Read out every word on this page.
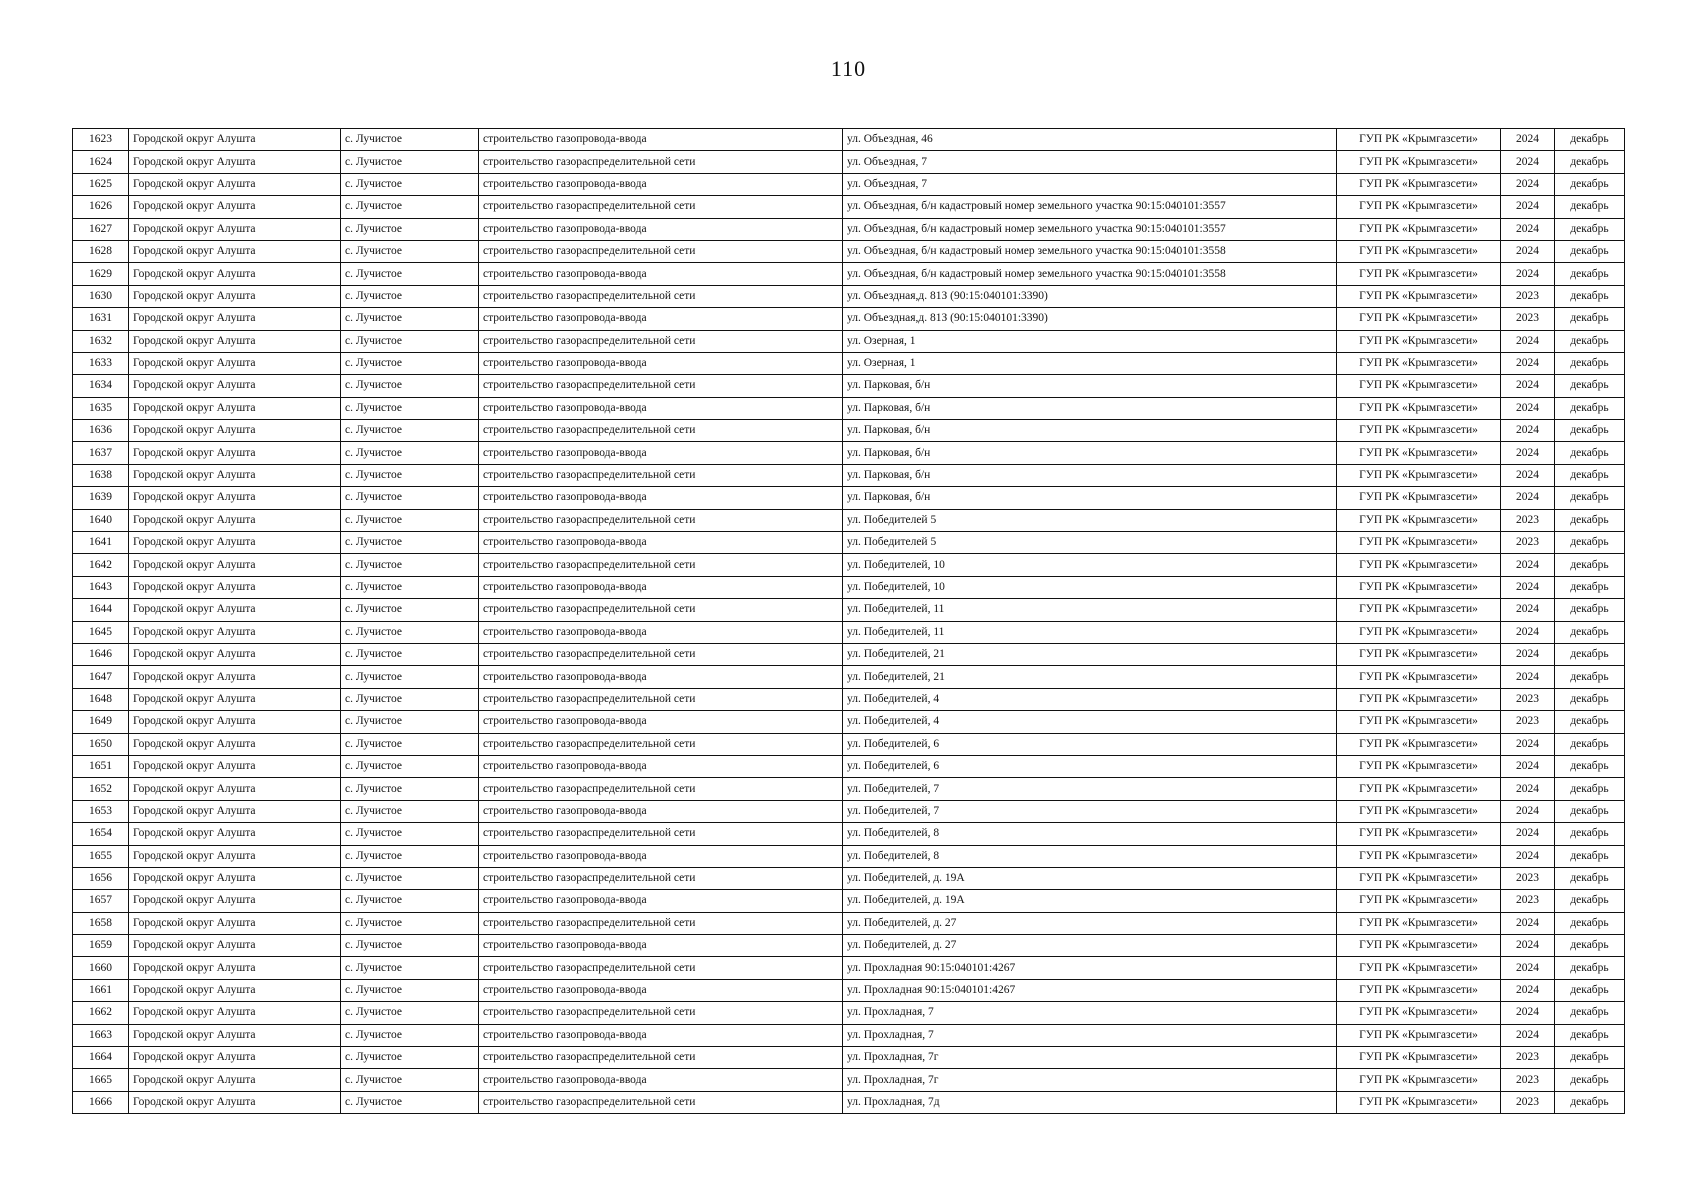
110
1623	Городской округ Алушта	с. Лучистое	строительство газопровода-ввода	ул. Объездная, 46	ГУП РК «Крымгазсети»	2024	декабрь
1624	Городской округ Алушта	с. Лучистое	строительство газораспределительной сети	ул. Объездная, 7	ГУП РК «Крымгазсети»	2024	декабрь
1625	Городской округ Алушта	с. Лучистое	строительство газопровода-ввода	ул. Объездная, 7	ГУП РК «Крымгазсети»	2024	декабрь
1626	Городской округ Алушта	с. Лучистое	строительство газораспределительной сети	ул. Объездная, б/н кадастровый номер земельного участка 90:15:040101:3557	ГУП РК «Крымгазсети»	2024	декабрь
1627	Городской округ Алушта	с. Лучистое	строительство газопровода-ввода	ул. Объездная, б/н кадастровый номер земельного участка 90:15:040101:3557	ГУП РК «Крымгазсети»	2024	декабрь
1628	Городской округ Алушта	с. Лучистое	строительство газораспределительной сети	ул. Объездная, б/н кадастровый номер земельного участка 90:15:040101:3558	ГУП РК «Крымгазсети»	2024	декабрь
1629	Городской округ Алушта	с. Лучистое	строительство газопровода-ввода	ул. Объездная, б/н кадастровый номер земельного участка 90:15:040101:3558	ГУП РК «Крымгазсети»	2024	декабрь
1630	Городской округ Алушта	с. Лучистое	строительство газораспределительной сети	ул. Объездная,д. 81З (90:15:040101:3390)	ГУП РК «Крымгазсети»	2023	декабрь
1631	Городской округ Алушта	с. Лучистое	строительство газопровода-ввода	ул. Объездная,д. 81З (90:15:040101:3390)	ГУП РК «Крымгазсети»	2023	декабрь
1632	Городской округ Алушта	с. Лучистое	строительство газораспределительной сети	ул. Озерная, 1	ГУП РК «Крымгазсети»	2024	декабрь
1633	Городской округ Алушта	с. Лучистое	строительство газопровода-ввода	ул. Озерная, 1	ГУП РК «Крымгазсети»	2024	декабрь
1634	Городской округ Алушта	с. Лучистое	строительство газораспределительной сети	ул. Парковая, б/н	ГУП РК «Крымгазсети»	2024	декабрь
1635	Городской округ Алушта	с. Лучистое	строительство газопровода-ввода	ул. Парковая, б/н	ГУП РК «Крымгазсети»	2024	декабрь
1636	Городской округ Алушта	с. Лучистое	строительство газораспределительной сети	ул. Парковая, б/н	ГУП РК «Крымгазсети»	2024	декабрь
1637	Городской округ Алушта	с. Лучистое	строительство газопровода-ввода	ул. Парковая, б/н	ГУП РК «Крымгазсети»	2024	декабрь
1638	Городской округ Алушта	с. Лучистое	строительство газораспределительной сети	ул. Парковая, б/н	ГУП РК «Крымгазсети»	2024	декабрь
1639	Городской округ Алушта	с. Лучистое	строительство газопровода-ввода	ул. Парковая, б/н	ГУП РК «Крымгазсети»	2024	декабрь
1640	Городской округ Алушта	с. Лучистое	строительство газораспределительной сети	ул. Победителей 5	ГУП РК «Крымгазсети»	2023	декабрь
1641	Городской округ Алушта	с. Лучистое	строительство газопровода-ввода	ул. Победителей 5	ГУП РК «Крымгазсети»	2023	декабрь
1642	Городской округ Алушта	с. Лучистое	строительство газораспределительной сети	ул. Победителей, 10	ГУП РК «Крымгазсети»	2024	декабрь
1643	Городской округ Алушта	с. Лучистое	строительство газопровода-ввода	ул. Победителей, 10	ГУП РК «Крымгазсети»	2024	декабрь
1644	Городской округ Алушта	с. Лучистое	строительство газораспределительной сети	ул. Победителей, 11	ГУП РК «Крымгазсети»	2024	декабрь
1645	Городской округ Алушта	с. Лучистое	строительство газопровода-ввода	ул. Победителей, 11	ГУП РК «Крымгазсети»	2024	декабрь
1646	Городской округ Алушта	с. Лучистое	строительство газораспределительной сети	ул. Победителей, 21	ГУП РК «Крымгазсети»	2024	декабрь
1647	Городской округ Алушта	с. Лучистое	строительство газопровода-ввода	ул. Победителей, 21	ГУП РК «Крымгазсети»	2024	декабрь
1648	Городской округ Алушта	с. Лучистое	строительство газораспределительной сети	ул. Победителей, 4	ГУП РК «Крымгазсети»	2023	декабрь
1649	Городской округ Алушта	с. Лучистое	строительство газопровода-ввода	ул. Победителей, 4	ГУП РК «Крымгазсети»	2023	декабрь
1650	Городской округ Алушта	с. Лучистое	строительство газораспределительной сети	ул. Победителей, 6	ГУП РК «Крымгазсети»	2024	декабрь
1651	Городской округ Алушта	с. Лучистое	строительство газопровода-ввода	ул. Победителей, 6	ГУП РК «Крымгазсети»	2024	декабрь
1652	Городской округ Алушта	с. Лучистое	строительство газораспределительной сети	ул. Победителей, 7	ГУП РК «Крымгазсети»	2024	декабрь
1653	Городской округ Алушта	с. Лучистое	строительство газопровода-ввода	ул. Победителей, 7	ГУП РК «Крымгазсети»	2024	декабрь
1654	Городской округ Алушта	с. Лучистое	строительство газораспределительной сети	ул. Победителей, 8	ГУП РК «Крымгазсети»	2024	декабрь
1655	Городской округ Алушта	с. Лучистое	строительство газопровода-ввода	ул. Победителей, 8	ГУП РК «Крымгазсети»	2024	декабрь
1656	Городской округ Алушта	с. Лучистое	строительство газораспределительной сети	ул. Победителей, д. 19А	ГУП РК «Крымгазсети»	2023	декабрь
1657	Городской округ Алушта	с. Лучистое	строительство газопровода-ввода	ул. Победителей, д. 19А	ГУП РК «Крымгазсети»	2023	декабрь
1658	Городской округ Алушта	с. Лучистое	строительство газораспределительной сети	ул. Победителей, д. 27	ГУП РК «Крымгазсети»	2024	декабрь
1659	Городской округ Алушта	с. Лучистое	строительство газопровода-ввода	ул. Победителей, д. 27	ГУП РК «Крымгазсети»	2024	декабрь
1660	Городской округ Алушта	с. Лучистое	строительство газораспределительной сети	ул. Прохладная 90:15:040101:4267	ГУП РК «Крымгазсети»	2024	декабрь
1661	Городской округ Алушта	с. Лучистое	строительство газопровода-ввода	ул. Прохладная 90:15:040101:4267	ГУП РК «Крымгазсети»	2024	декабрь
1662	Городской округ Алушта	с. Лучистое	строительство газораспределительной сети	ул. Прохладная, 7	ГУП РК «Крымгазсети»	2024	декабрь
1663	Городской округ Алушта	с. Лучистое	строительство газопровода-ввода	ул. Прохладная, 7	ГУП РК «Крымгазсети»	2024	декабрь
1664	Городской округ Алушта	с. Лучистое	строительство газораспределительной сети	ул. Прохладная, 7г	ГУП РК «Крымгазсети»	2023	декабрь
1665	Городской округ Алушта	с. Лучистое	строительство газопровода-ввода	ул. Прохладная, 7г	ГУП РК «Крымгазсети»	2023	декабрь
1666	Городской округ Алушта	с. Лучистое	строительство газораспределительной сети	ул. Прохладная, 7д	ГУП РК «Крымгазсети»	2023	декабрь
